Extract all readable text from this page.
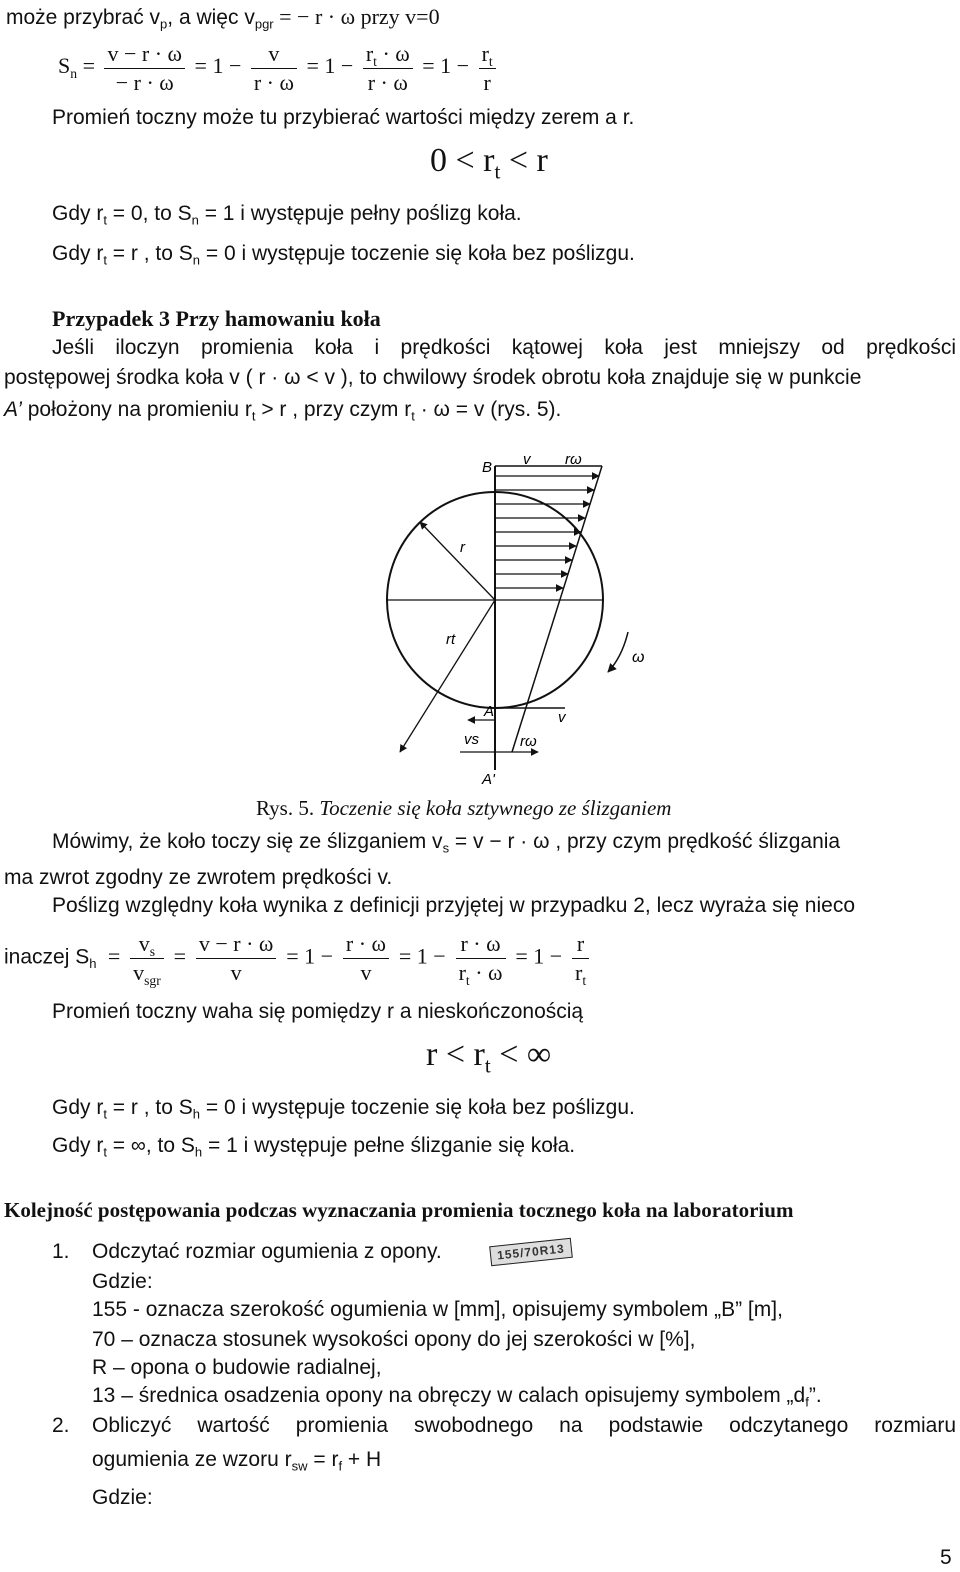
może przybrać $v_p$, a więc $v_{pgr}$ = − r · ω przy v=0
$S_n = \frac{v - r \cdot \omega}{- r \cdot \omega} = 1 - \frac{v}{r \cdot \omega} = 1 - \frac{r_t \cdot \omega}{r \cdot \omega} = 1 - \frac{r_t}{r}$
Promień toczny może tu przybierać wartości między zerem a r.
$0 < r_t < r$
Gdy $r_t = 0$, to $S_n = 1$ i występuje pełny poślizg koła.
Gdy $r_t = r$ , to $S_n = 0$ i występuje toczenie się koła bez poślizgu.
Przypadek 3 Przy hamowaniu koła
Jeśli iloczyn promienia koła i prędkości kątowej koła jest mniejszy od prędkości
postępowej środka koła v ( r · ω < v ), to chwilowy środek obrotu koła znajduje się w punkcie
A’ położony na promieniu $r_t > r$ , przy czym $r_t \cdot \omega = v$ (rys. 5).
B v rω
r
rt
ω
A	v
vs	rω
A'
Rys. 5. Toczenie się koła sztywnego ze ślizganiem
Mówimy, że koło toczy się ze ślizganiem $v_s = v - r \cdot \omega$ , przy czym prędkość ślizgania
ma zwrot zgodny ze zwrotem prędkości v.
Poślizg względny koła wynika z definicji przyjętej w przypadku 2, lecz wyraża się nieco
inaczej $S_h = \frac{v_s}{v_{sgr}} = \frac{v - r \cdot \omega}{v} = 1 - \frac{r \cdot \omega}{v} = 1 - \frac{r \cdot \omega}{r_t \cdot \omega} = 1 - \frac{r}{r_t}$
Promień toczny waha się pomiędzy r a nieskończonością
$r < r_t$ < ∞
Gdy $r_t = r$ , to $S_h = 0$ i występuje toczenie się koła bez poślizgu.
Gdy $r_t$ = ∞, to $S_h = 1$ i występuje pełne ślizganie się koła.
Kolejność postępowania podczas wyznaczania promienia tocznego koła na laboratorium
1. Odczytać rozmiar ogumienia z opony.	155/70R13
Gdzie:
155 - oznacza szerokość ogumienia w [mm], opisujemy symbolem „B” [m],
70 – oznacza stosunek wysokości opony do jej szerokości w [%],
R – opona o budowie radialnej,
13 – średnica osadzenia opony na obręczy w calach opisujemy symbolem $„d_f$”.
2. Obliczyć wartość promienia swobodnego na podstawie odczytanego rozmiaru
ogumienia ze wzoru $r_{sw} = r_f + H$
Gdzie:
5
